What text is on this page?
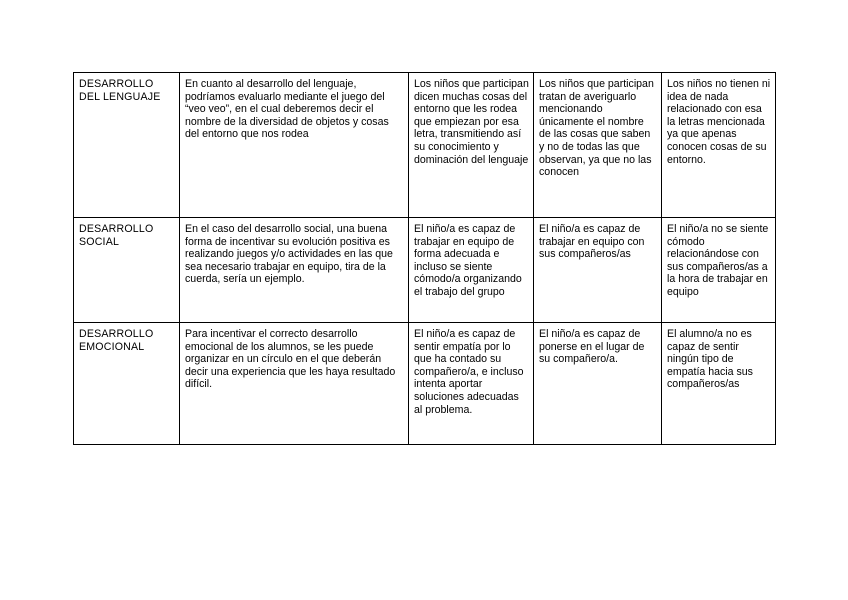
DESARROLLO DEL LENGUAJE	En cuanto al desarrollo del lenguaje, podríamos evaluarlo mediante el juego del “veo veo”, en el cual deberemos decir el nombre de la diversidad de objetos y cosas del entorno que nos rodea	Los niños que participan dicen muchas cosas del entorno que les rodea que empiezan por esa letra, transmitiendo así su conocimiento y dominación del lenguaje	Los niños que participan tratan de averiguarlo mencionando únicamente el nombre de las cosas que saben y no de todas las que observan, ya que no las conocen	Los niños no tienen ni idea de nada relacionado con esa la letras mencionada ya que apenas conocen cosas de su entorno.
DESARROLLO SOCIAL	En el caso del desarrollo social, una buena forma de incentivar su evolución positiva es realizando juegos y/o actividades en las que sea necesario trabajar en equipo, tira de la cuerda, sería un ejemplo.	El niño/a es capaz de trabajar en equipo de forma adecuada e incluso se siente cómodo/a organizando el trabajo del grupo	El niño/a es capaz de trabajar en equipo con sus compañeros/as	El niño/a no se siente cómodo relacionándose con sus compañeros/as a la hora de trabajar en equipo
DESARROLLO EMOCIONAL	Para incentivar el correcto desarrollo emocional de los alumnos, se les puede organizar en un círculo en el que deberán decir una experiencia que les haya resultado difícil.	El niño/a es capaz de sentir empatía por lo que ha contado su compañero/a, e incluso intenta aportar soluciones adecuadas al problema.	El niño/a es capaz de ponerse en el lugar de su compañero/a.	El alumno/a no es capaz de sentir ningún tipo de empatía hacia sus compañeros/as
